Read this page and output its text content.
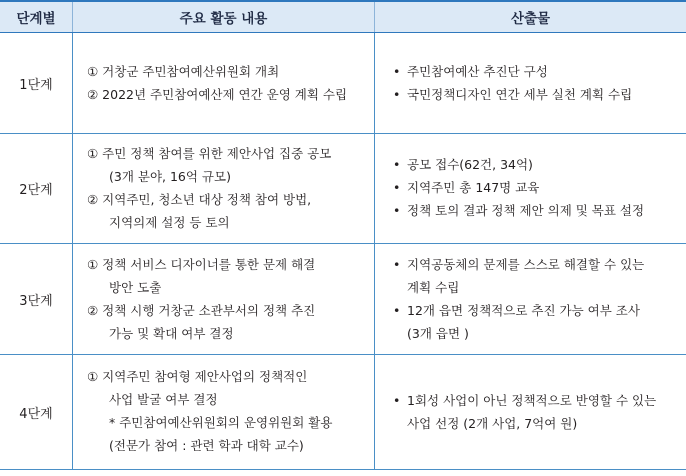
단계별	주요 활동 내용	산출물
1단계
① 거창군 주민참여예산위원회 개최
② 2022년 주민참여예산제 연간 운영 계획 수립
• 주민참여예산 추진단 구성
• 국민정책디자인 연간 세부 실천 계획 수립
2단계
① 주민 정책 참여를 위한 제안사업 집중 공모
(3개 분야, 16억 규모)
② 지역주민, 청소년 대상 정책 참여 방법,
지역의제 설정 등 토의
• 공모 접수(62건, 34억)
• 지역주민 총 147명 교육
• 정책 토의 결과 정책 제안 의제 및 목표 설정
3단계
① 정책 서비스 디자이너를 통한 문제 해결
방안 도출
② 정책 시행 거창군 소관부서의 정책 추진
가능 및 확대 여부 결정
• 지역공동체의 문제를 스스로 해결할 수 있는
계획 수립
• 12개 읍면 정책적으로 추진 가능 여부 조사
(3개 읍면 )
4단계
① 지역주민 참여형 제안사업의 정책적인
사업 발굴 여부 결정
* 주민참여예산위원회의 운영위원회 활용
(전문가 참여 : 관련 학과 대학 교수)
• 1회성 사업이 아닌 정책적으로 반영할 수 있는
사업 선정 (2개 사업, 7억여 원)
